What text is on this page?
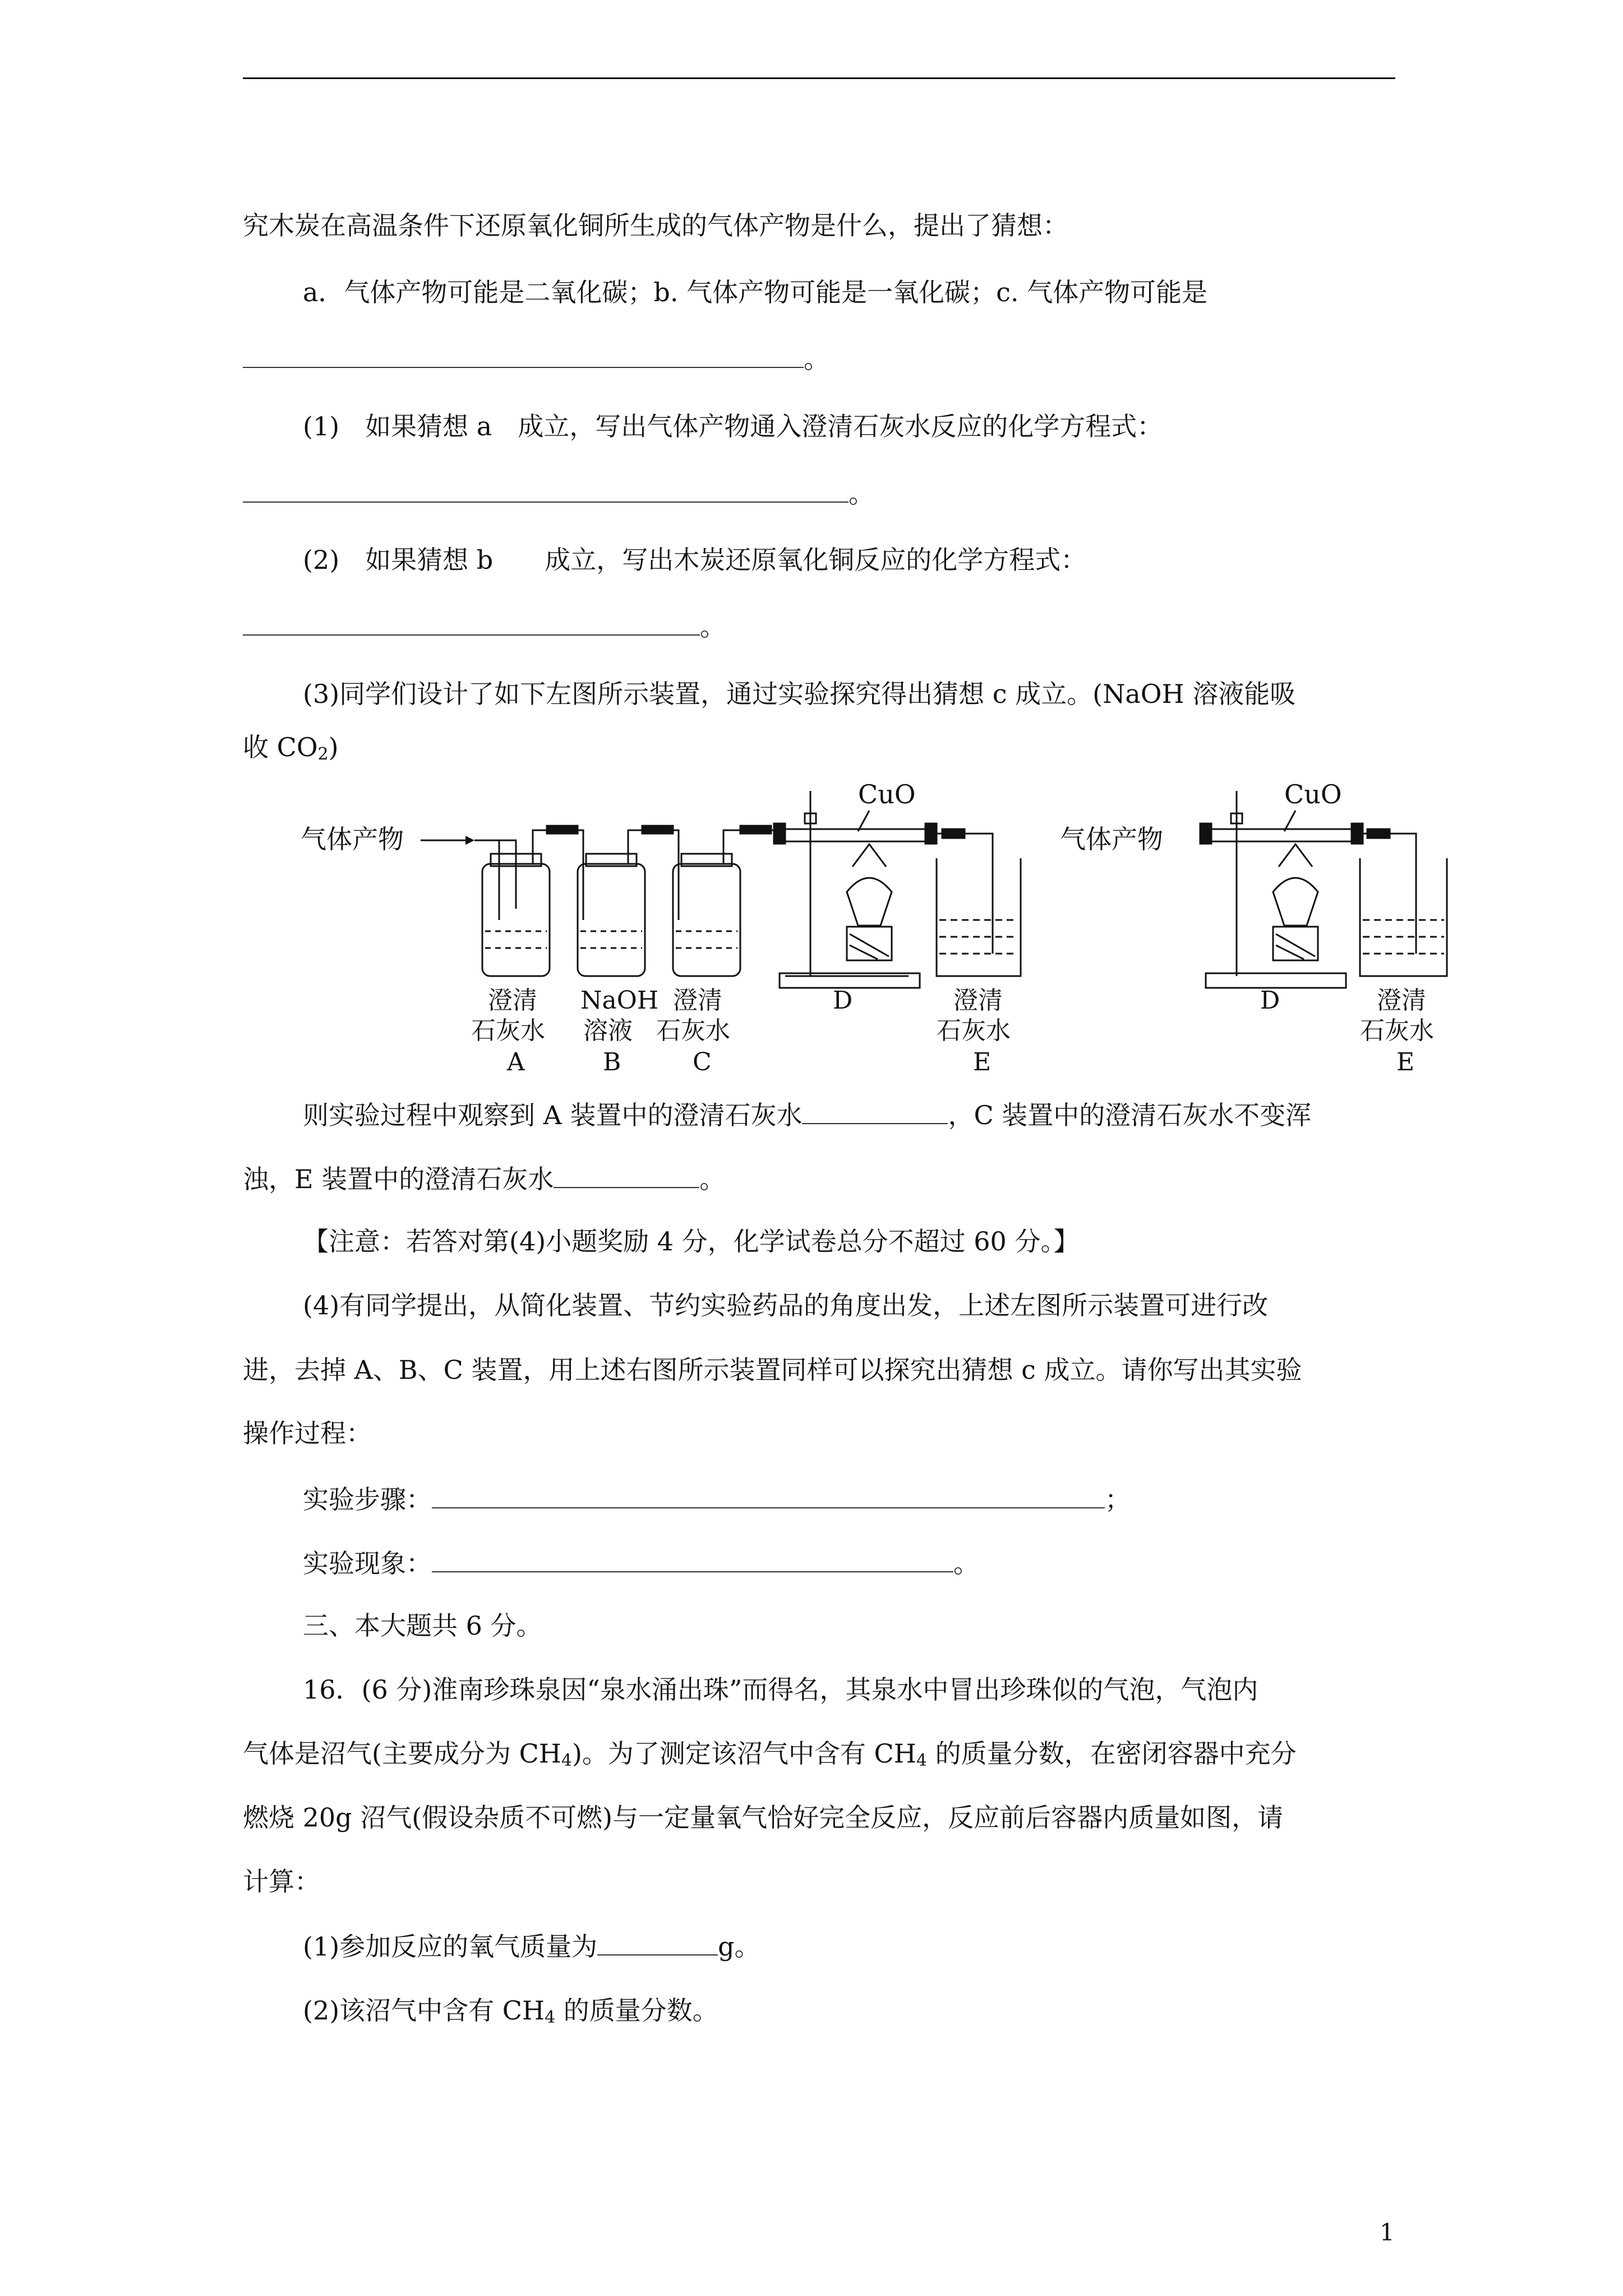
究木炭在高温条件下还原氧化铜所生成的气体产物是什么，提出了猜想：
a．气体产物可能是二氧化碳；b. 气体产物可能是一氧化碳；c. 气体产物可能是
。
(1)　如果猜想 a　成立，写出气体产物通入澄清石灰水反应的化学方程式：
。
(2)　如果猜想 b　　成立，写出木炭还原氧化铜反应的化学方程式：
。
(3)同学们设计了如下左图所示装置，通过实验探究得出猜想 c 成立。(NaOH 溶液能吸
收 $CO_2$)
气体产物
CuO
澄清
石灰水
A
NaOH
溶液
B
澄清
石灰水
C
D	澄清
石灰水
E
气体产物
CuO
D	澄清
石灰水
E
则实验过程中观察到 A 装置中的澄清石灰水	，C 装置中的澄清石灰水不变浑
浊，E 装置中的澄清石灰水	。
【注意：若答对第(4)小题奖励 4 分，化学试卷总分不超过 60 分。】
(4)有同学提出，从简化装置、节约实验药品的角度出发，上述左图所示装置可进行改
进，去掉 A、B、C 装置，用上述右图所示装置同样可以探究出猜想 c 成立。请你写出其实验
操作过程：
实验步骤：	；
实验现象：	。
三、本大题共 6 分。
16．(6 分)淮南珍珠泉因“泉水涌出珠”而得名，其泉水中冒出珍珠似的气泡，气泡内
气体是沼气(主要成分为 $CH_4$)。为了测定该沼气中含有 $CH_4$ 的质量分数，在密闭容器中充分
燃烧 20g 沼气(假设杂质不可燃)与一定量氧气恰好完全反应，反应前后容器内质量如图，请
计算：
(1)参加反应的氧气质量为	g。
(2)该沼气中含有 $CH_4$ 的质量分数。
1
